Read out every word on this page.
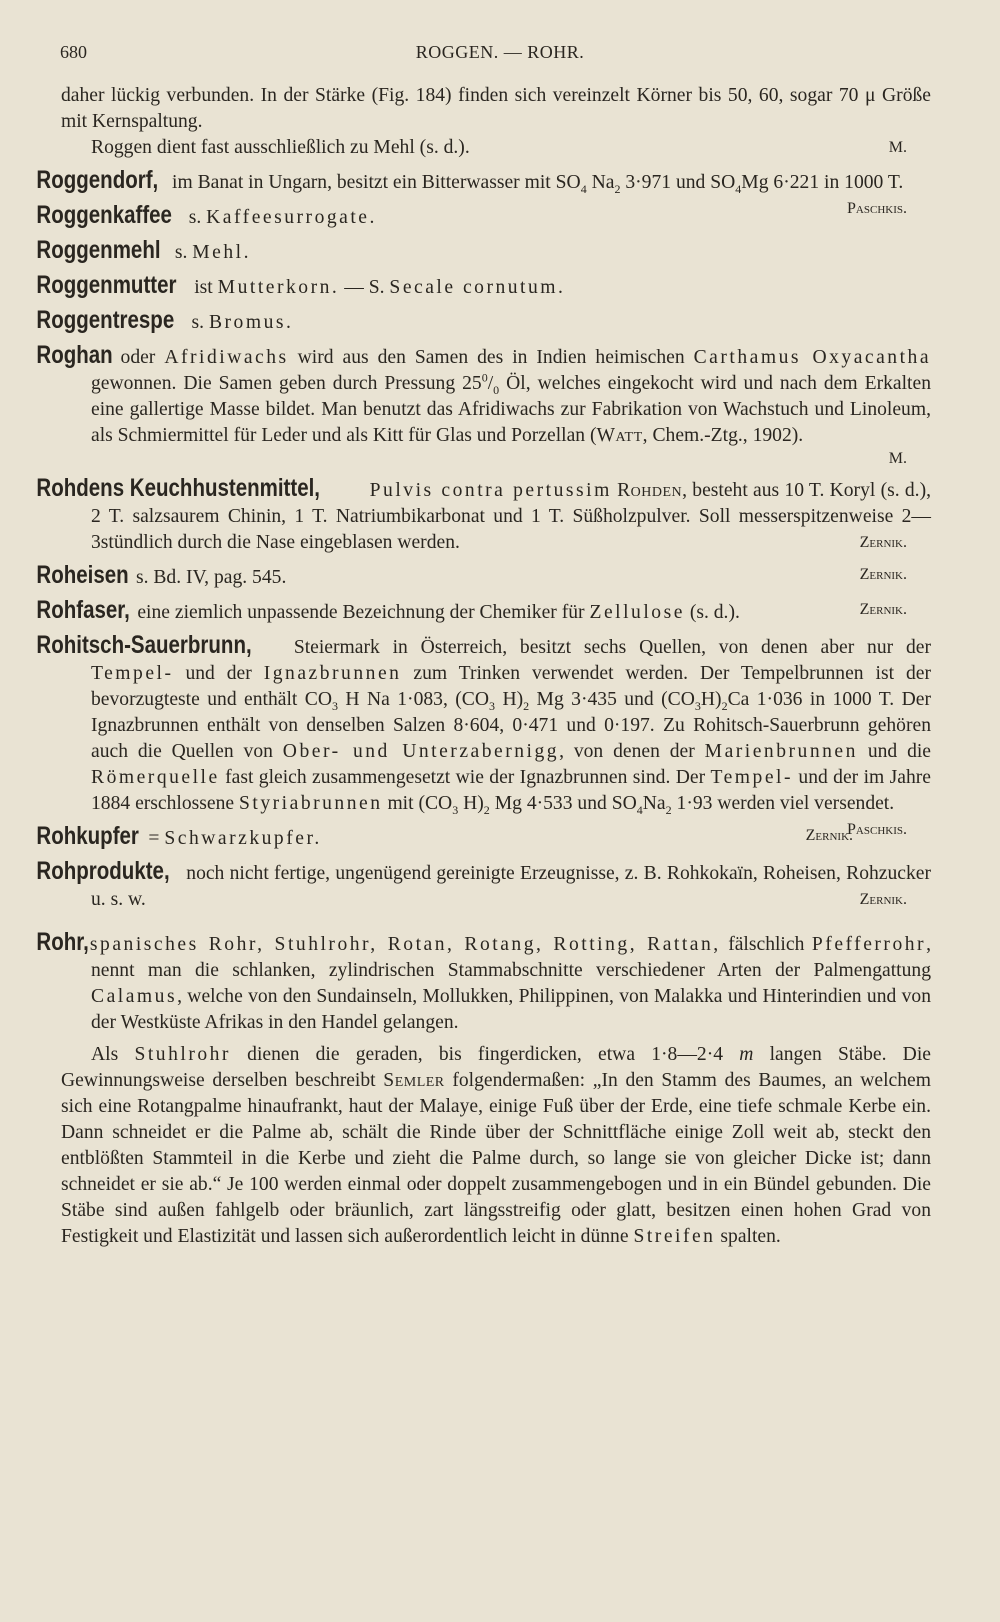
680	ROGGEN. — ROHR.
daher lückig verbunden. In der Stärke (Fig. 184) finden sich vereinzelt Körner bis 50, 60, sogar 70 μ Größe mit Kernspaltung.
Roggen dient fast ausschließlich zu Mehl (s. d.).	M.
Roggendorf, im Banat in Ungarn, besitzt ein Bitterwasser mit $SO_4$ $Na_2$ 3·971 und $SO_4Mg$ 6·221 in 1000 T.
Paschkis.
Roggenkaffee s. Kaffeesurrogate.
Roggenmehl s. Mehl.
Roggenmutter ist Mutterkorn. — S. Secale cornutum.
Roggentrespe s. Bromus.
Roghan oder Afridiwachs wird aus den Samen des in Indien heimischen Carthamus Oxyacantha gewonnen. Die Samen geben durch Pressung $25^0/_0$ Öl, welches eingekocht wird und nach dem Erkalten eine gallertige Masse bildet. Man benutzt das Afridiwachs zur Fabrikation von Wachstuch und Linoleum, als Schmiermittel für Leder und als Kitt für Glas und Porzellan (Watt, Chem.-Ztg., 1902).
M.
Rohdens Keuchhustenmittel,	Pulvis contra pertussim Rohden, besteht aus 10 T. Koryl (s. d.), 2 T. salzsaurem Chinin, 1 T. Natriumbikarbonat und 1 T. Süßholzpulver. Soll messerspitzenweise 2—3stündlich durch die Nase eingeblasen werden.	Zernik.
Roheisen s. Bd. IV, pag. 545.	Zernik.
Rohfaser, eine ziemlich unpassende Bezeichnung der Chemiker für Zellulose (s. d.).	Zernik.
Rohitsch-Sauerbrunn, Steiermark in Österreich, besitzt sechs Quellen, von denen aber nur der Tempel- und der Ignazbrunnen zum Trinken verwendet werden. Der Tempelbrunnen ist der bevorzugteste und enthält $CO_3$ H Na 1·083, ($CO_3$ $H)_2$ Mg 3·435 und $(CO_3H)_2Ca$ 1·036 in 1000 T. Der Ignazbrunnen enthält von denselben Salzen 8·604, 0·471 und 0·197. Zu Rohitsch-Sauerbrunn gehören auch die Quellen von Ober- und Unterzabernigg, von denen der Marienbrunnen und die Römerquelle fast gleich zusammengesetzt wie der Ignazbrunnen sind. Der Tempel- und der im Jahre 1884 erschlossene Styriabrunnen mit ($CO_3$ $H)_2$ Mg 4·533 und $SO_4Na_2$ 1·93 werden viel versendet.
Paschkis.
Rohkupfer = Schwarzkupfer.	Zernik.
Rohprodukte, noch nicht fertige, ungenügend gereinigte Erzeugnisse, z. B. Rohkokaïn, Roheisen, Rohzucker u. s. w.	Zernik.
Rohr, spanisches Rohr, Stuhlrohr, Rotan, Rotang, Rotting, Rattan, fälschlich Pfefferrohr, nennt man die schlanken, zylindrischen Stammabschnitte verschiedener Arten der Palmengattung Calamus, welche von den Sundainseln, Mollukken, Philippinen, von Malakka und Hinterindien und von der Westküste Afrikas in den Handel gelangen.
Als Stuhlrohr dienen die geraden, bis fingerdicken, etwa 1·8—2·4 m langen Stäbe. Die Gewinnungsweise derselben beschreibt Semler folgendermaßen: „In den Stamm des Baumes, an welchem sich eine Rotangpalme hinaufrankt, haut der Malaye, einige Fuß über der Erde, eine tiefe schmale Kerbe ein. Dann schneidet er die Palme ab, schält die Rinde über der Schnittfläche einige Zoll weit ab, steckt den entblößten Stammteil in die Kerbe und zieht die Palme durch, so lange sie von gleicher Dicke ist; dann schneidet er sie ab.“ Je 100 werden einmal oder doppelt zusammengebogen und in ein Bündel gebunden. Die Stäbe sind außen fahlgelb oder bräunlich, zart längsstreifig oder glatt, besitzen einen hohen Grad von Festigkeit und Elastizität und lassen sich außerordentlich leicht in dünne Streifen spalten.
